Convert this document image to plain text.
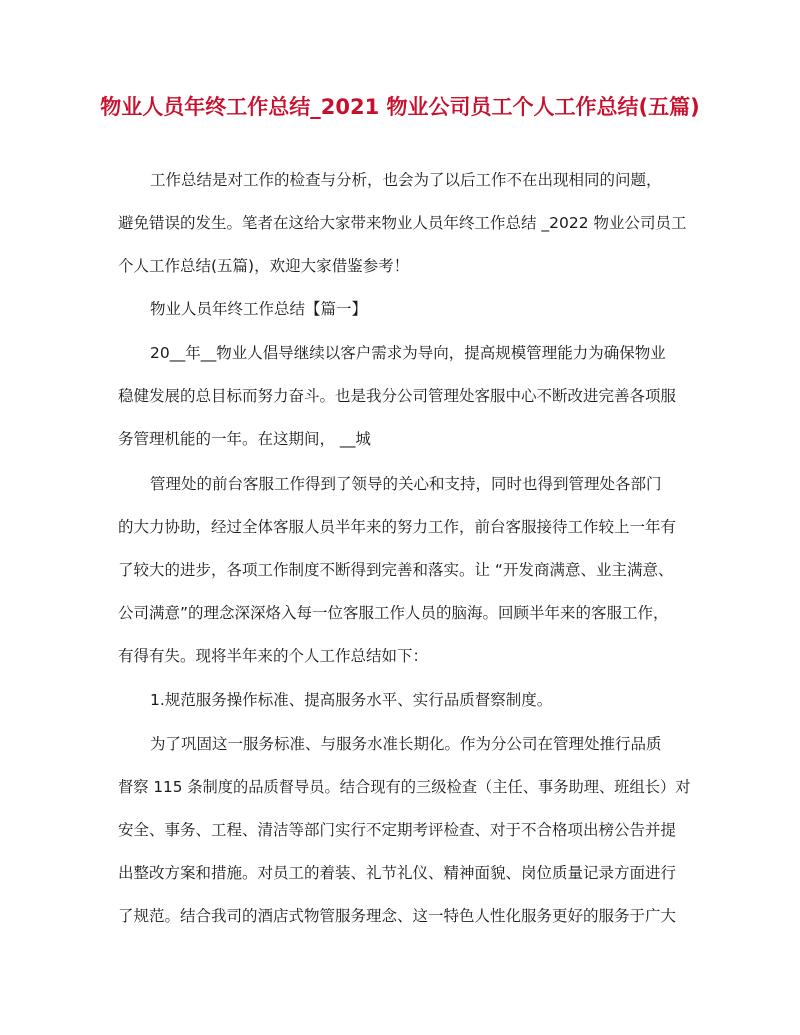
物业人员年终工作总结_2021 物业公司员工个人工作总结(五篇)

工作总结是对工作的检查与分析，也会为了以后工作不在出现相同的问题，

避免错误的发生。笔者在这给大家带来物业人员年终工作总结 _2022 物业公司员工

个人工作总结(五篇)，欢迎大家借鉴参考！

物业人员年终工作总结【篇一】

20__年__物业人倡导继续以客户需求为导向，提高规模管理能力为确保物业

稳健发展的总目标而努力奋斗。也是我分公司管理处客服中心不断改进完善各项服

务管理机能的一年。在这期间， __城

管理处的前台客服工作得到了领导的关心和支持，同时也得到管理处各部门

的大力协助，经过全体客服人员半年来的努力工作，前台客服接待工作较上一年有

了较大的进步，各项工作制度不断得到完善和落实。让 “开发商满意、业主满意、

公司满意”的理念深深烙入每一位客服工作人员的脑海。回顾半年来的客服工作，

有得有失。现将半年来的个人工作总结如下：

1.规范服务操作标准、提高服务水平、实行品质督察制度。

为了巩固这一服务标准、与服务水准长期化。作为分公司在管理处推行品质

督察 115 条制度的品质督导员。结合现有的三级检查（主任、事务助理、班组长）对

安全、事务、工程、清洁等部门实行不定期考评检查、对于不合格项出榜公告并提

出整改方案和措施。对员工的着装、礼节礼仪、精神面貌、岗位质量记录方面进行

了规范。结合我司的酒店式物管服务理念、这一特色人性化服务更好的服务于广大
